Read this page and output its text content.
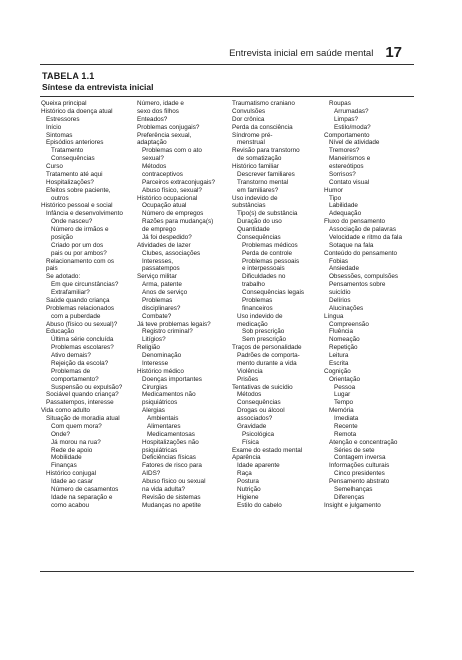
Entrevista inicial em saúde mental 17
TABELA 1.1
Síntese da entrevista inicial
Queixa principal
Histórico da doença atual
Estressores
Início
Sintomas
Episódios anteriores
Tratamento
Consequências
Curso
Tratamento até aqui
Hospitalizações?
Efeitos sobre paciente,
outros
Histórico pessoal e social
Infância e desenvolvimento
Onde nasceu?
Número de irmãos e
posição
Criado por um dos
pais ou por ambos?
Relacionamento com os
pais
Se adotado:
Em que circunstâncias?
Extrafamiliar?
Saúde quando criança
Problemas relacionados
com a puberdade
Abuso (físico ou sexual)?
Educação
Última série concluída
Problemas escolares?
Ativo demais?
Rejeição da escola?
Problemas de
comportamento?
Suspensão ou expulsão?
Sociável quando criança?
Passatempos, interesse
Vida como adulto
Situação de moradia atual
Com quem mora?
Onde?
Já morou na rua?
Rede de apoio
Mobilidade
Finanças
Histórico conjugal
Idade ao casar
Número de casamentos
Idade na separação e
como acabou
Número, idade e
sexo dos filhos
Enteados?
Problemas conjugais?
Preferência sexual,
adaptação
Problemas com o ato
sexual?
Métodos
contraceptivos
Parceiros extraconjugais?
Abuso físico, sexual?
Histórico ocupacional
Ocupação atual
Número de empregos
Razões para mudança(s)
de emprego
Já foi despedido?
Atividades de lazer
Clubes, associações
Interesses,
passatempos
Serviço militar
Arma, patente
Anos de serviço
Problemas
disciplinares?
Combate?
Já teve problemas legais?
Registro criminal?
Litígios?
Religião
Denominação
Interesse
Histórico médico
Doenças importantes
Cirurgias
Medicamentos não
psiquiátricos
Alergias
Ambientais
Alimentares
Medicamentosas
Hospitalizações não
psiquiátricas
Deficiências físicas
Fatores de risco para
AIDS?
Abuso físico ou sexual
na vida adulta?
Revisão de sistemas
Mudanças no apetite
Traumatismo craniano
Convulsões
Dor crônica
Perda da consciência
Síndrome pré-
menstrual
Revisão para transtorno
de somatização
Histórico familiar
Descrever familiares
Transtorno mental
em familiares?
Uso indevido de
substâncias
Tipo(s) de substância
Duração do uso
Quantidade
Consequências
Problemas médicos
Perda de controle
Problemas pessoais
e interpessoais
Dificuldades no
trabalho
Consequências legais
Problemas
financeiros
Uso indevido de
medicação
Sob prescrição
Sem prescrição
Traços de personalidade
Padrões de comporta-
mento durante a vida
Violência
Prisões
Tentativas de suicídio
Métodos
Consequências
Drogas ou álcool
associados?
Gravidade
Psicológica
Física
Exame do estado mental
Aparência
Idade aparente
Raça
Postura
Nutrição
Higiene
Estilo do cabelo
Roupas
Arrumadas?
Limpas?
Estilo/moda?
Comportamento
Nível de atividade
Tremores?
Maneirismos e
estereótipos
Sorrisos?
Contato visual
Humor
Tipo
Labilidade
Adequação
Fluxo do pensamento
Associação de palavras
Velocidade e ritmo da fala
Sotaque na fala
Conteúdo do pensamento
Fobias
Ansiedade
Obsessões, compulsões
Pensamentos sobre
suicídio
Delírios
Alucinações
Língua
Compreensão
Fluência
Nomeação
Repetição
Leitura
Escrita
Cognição
Orientação
Pessoa
Lugar
Tempo
Memória
Imediata
Recente
Remota
Atenção e concentração
Séries de sete
Contagem inversa
Informações culturais
Cinco presidentes
Pensamento abstrato
Semelhanças
Diferenças
Insight e julgamento
